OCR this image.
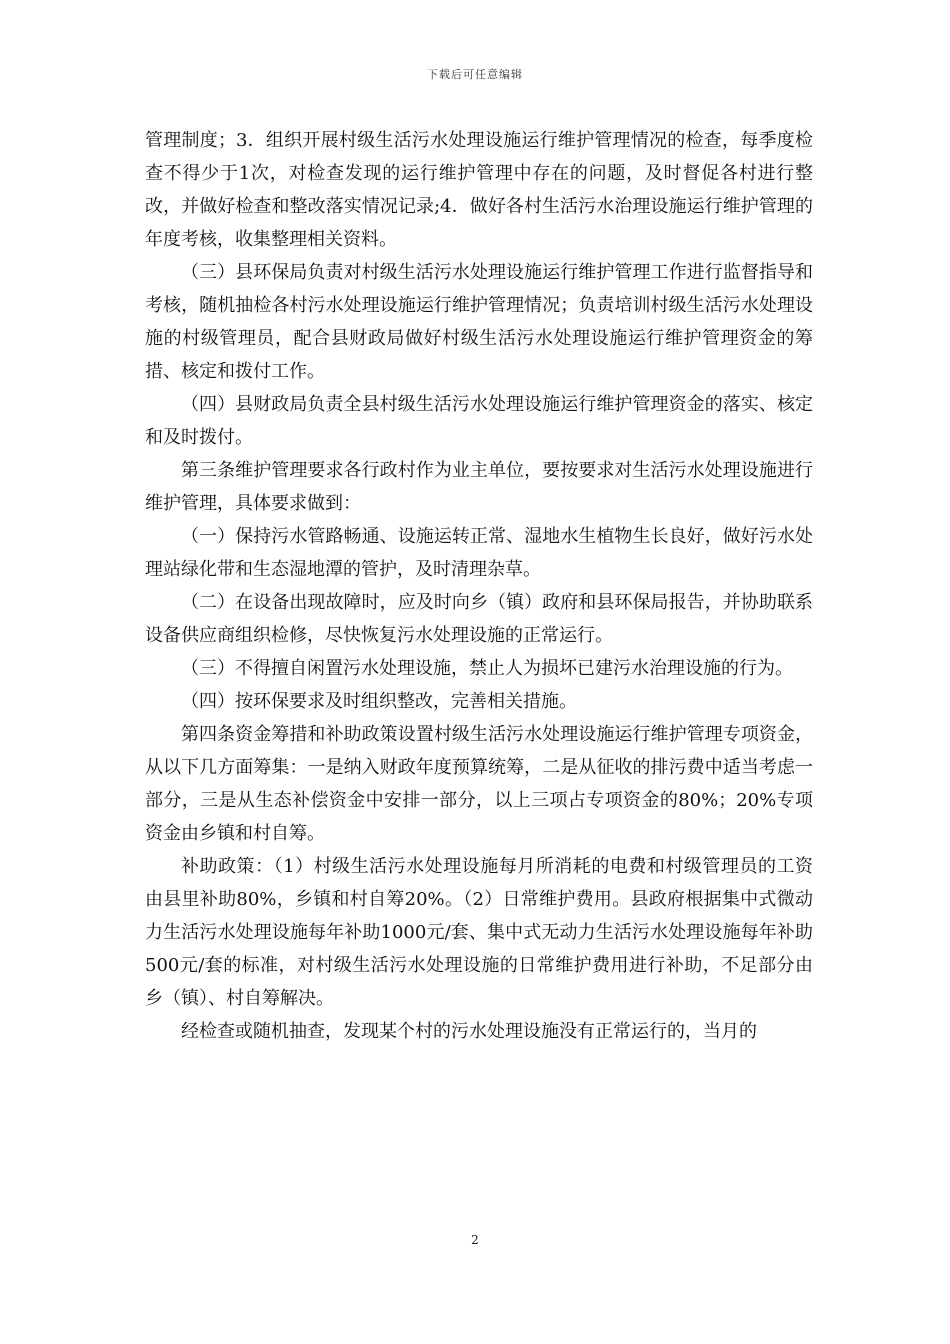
下载后可任意编辑

管理制度；3．组织开展村级生活污水处理设施运行维护管理情况的检查，每季度检查不得少于1次，对检查发现的运行维护管理中存在的问题，及时督促各村进行整改，并做好检查和整改落实情况记录;4．做好各村生活污水治理设施运行维护管理的年度考核，收集整理相关资料。

（三）县环保局负责对村级生活污水处理设施运行维护管理工作进行监督指导和考核，随机抽检各村污水处理设施运行维护管理情况；负责培训村级生活污水处理设施的村级管理员，配合县财政局做好村级生活污水处理设施运行维护管理资金的筹措、核定和拨付工作。

（四）县财政局负责全县村级生活污水处理设施运行维护管理资金的落实、核定和及时拨付。

第三条维护管理要求各行政村作为业主单位，要按要求对生活污水处理设施进行维护管理，具体要求做到：

（一）保持污水管路畅通、设施运转正常、湿地水生植物生长良好，做好污水处理站绿化带和生态湿地潭的管护，及时清理杂草。

（二）在设备出现故障时，应及时向乡（镇）政府和县环保局报告，并协助联系设备供应商组织检修，尽快恢复污水处理设施的正常运行。

（三）不得擅自闲置污水处理设施，禁止人为损坏已建污水治理设施的行为。

（四）按环保要求及时组织整改，完善相关措施。

第四条资金筹措和补助政策设置村级生活污水处理设施运行维护管理专项资金，从以下几方面筹集：一是纳入财政年度预算统筹，二是从征收的排污费中适当考虑一部分，三是从生态补偿资金中安排一部分，以上三项占专项资金的80%；20%专项资金由乡镇和村自筹。

补助政策：（1）村级生活污水处理设施每月所消耗的电费和村级管理员的工资由县里补助80%，乡镇和村自筹20%。（2）日常维护费用。县政府根据集中式微动力生活污水处理设施每年补助1000元/套、集中式无动力生活污水处理设施每年补助500元/套的标准，对村级生活污水处理设施的日常维护费用进行补助，不足部分由乡（镇）、村自筹解决。

经检查或随机抽查，发现某个村的污水处理设施没有正常运行的，当月的

2
